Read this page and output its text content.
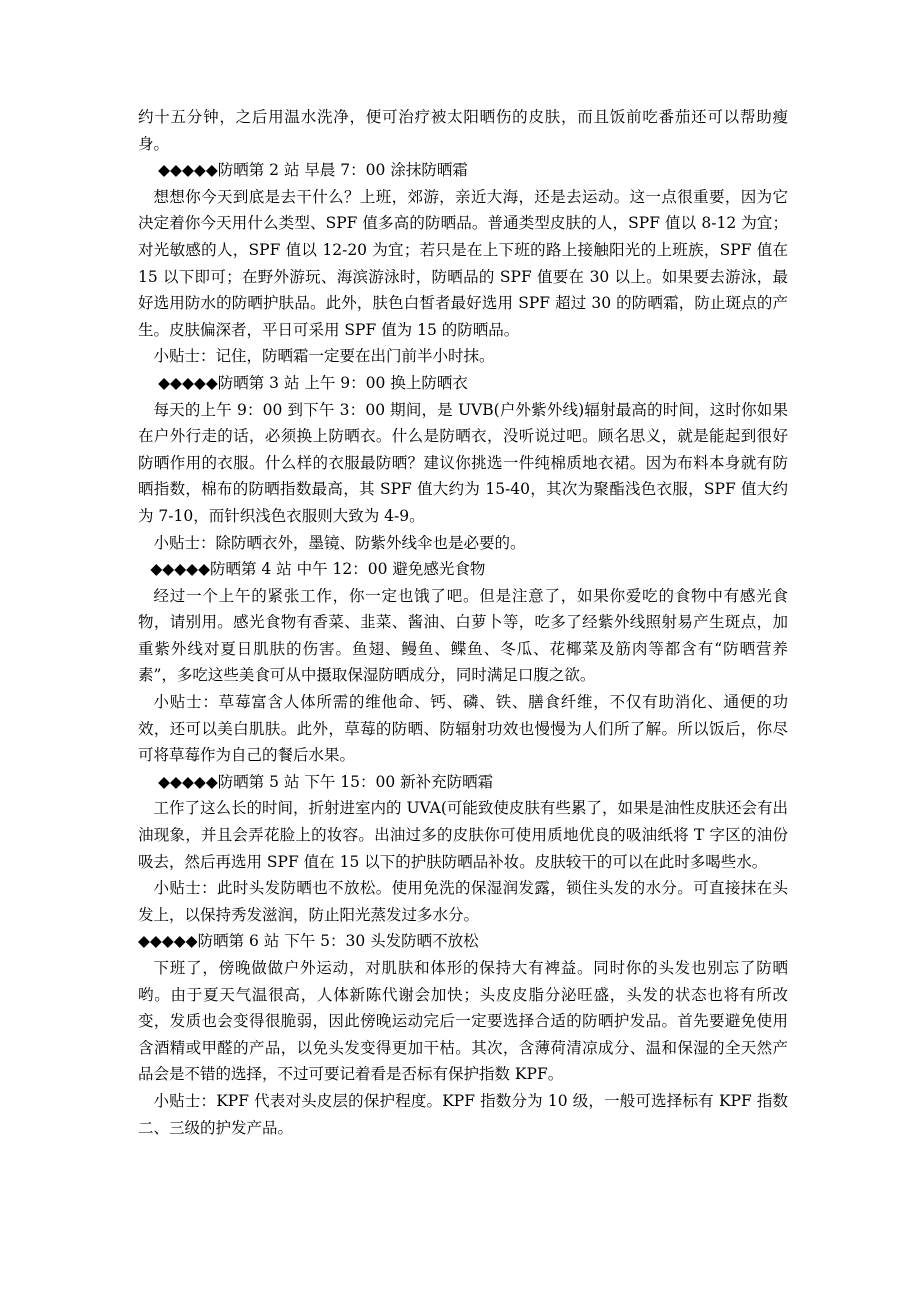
约十五分钟，之后用温水洗净，便可治疗被太阳晒伤的皮肤，而且饭前吃番茄还可以帮助瘦身。

◆◆◆◆◆防晒第 2 站 早晨 7：00 涂抹防晒霜

想想你今天到底是去干什么？上班，郊游，亲近大海，还是去运动。这一点很重要，因为它决定着你今天用什么类型、SPF 值多高的防晒品。普通类型皮肤的人，SPF 值以 8-12 为宜；对光敏感的人，SPF 值以 12-20 为宜；若只是在上下班的路上接触阳光的上班族，SPF 值在 15 以下即可；在野外游玩、海滨游泳时，防晒品的 SPF 值要在 30 以上。如果要去游泳，最好选用防水的防晒护肤品。此外，肤色白皙者最好选用 SPF 超过 30 的防晒霜，防止斑点的产生。皮肤偏深者，平日可采用 SPF 值为 15 的防晒品。

小贴士：记住，防晒霜一定要在出门前半小时抹。

◆◆◆◆◆防晒第 3 站 上午 9：00 换上防晒衣

每天的上午 9：00 到下午 3：00 期间，是 UVB(户外紫外线)辐射最高的时间，这时你如果在户外行走的话，必须换上防晒衣。什么是防晒衣，没听说过吧。顾名思义，就是能起到很好防晒作用的衣服。什么样的衣服最防晒？建议你挑选一件纯棉质地衣裙。因为布料本身就有防晒指数，棉布的防晒指数最高，其 SPF 值大约为 15-40，其次为聚酯浅色衣服，SPF 值大约为 7-10，而针织浅色衣服则大致为 4-9。

小贴士：除防晒衣外，墨镜、防紫外线伞也是必要的。

◆◆◆◆◆防晒第 4 站 中午 12：00 避免感光食物

经过一个上午的紧张工作，你一定也饿了吧。但是注意了，如果你爱吃的食物中有感光食物，请别用。感光食物有香菜、韭菜、酱油、白萝卜等，吃多了经紫外线照射易产生斑点，加重紫外线对夏日肌肤的伤害。鱼翅、鳗鱼、鲽鱼、冬瓜、花椰菜及筋肉等都含有“防晒营养素”，多吃这些美食可从中摄取保湿防晒成分，同时满足口腹之欲。

小贴士：草莓富含人体所需的维他命、钙、磷、铁、膳食纤维，不仅有助消化、通便的功效，还可以美白肌肤。此外，草莓的防晒、防辐射功效也慢慢为人们所了解。所以饭后，你尽可将草莓作为自己的餐后水果。

◆◆◆◆◆防晒第 5 站 下午 15：00 新补充防晒霜

工作了这么长的时间，折射进室内的 UVA(可能致使皮肤有些累了，如果是油性皮肤还会有出油现象，并且会弄花脸上的妆容。出油过多的皮肤你可使用质地优良的吸油纸将 T 字区的油份吸去，然后再选用 SPF 值在 15 以下的护肤防晒品补妆。皮肤较干的可以在此时多喝些水。

小贴士：此时头发防晒也不放松。使用免洗的保湿润发露，锁住头发的水分。可直接抹在头发上，以保持秀发滋润，防止阳光蒸发过多水分。

◆◆◆◆◆防晒第 6 站 下午 5：30 头发防晒不放松

下班了，傍晚做做户外运动，对肌肤和体形的保持大有裨益。同时你的头发也别忘了防晒哟。由于夏天气温很高，人体新陈代谢会加快；头皮皮脂分泌旺盛，头发的状态也将有所改变，发质也会变得很脆弱，因此傍晚运动完后一定要选择合适的防晒护发品。首先要避免使用含酒精或甲醛的产品，以免头发变得更加干枯。其次，含薄荷清凉成分、温和保湿的全天然产品会是不错的选择，不过可要记着看是否标有保护指数 KPF。

小贴士：KPF 代表对头皮层的保护程度。KPF 指数分为 10 级，一般可选择标有 KPF 指数二、三级的护发产品。
